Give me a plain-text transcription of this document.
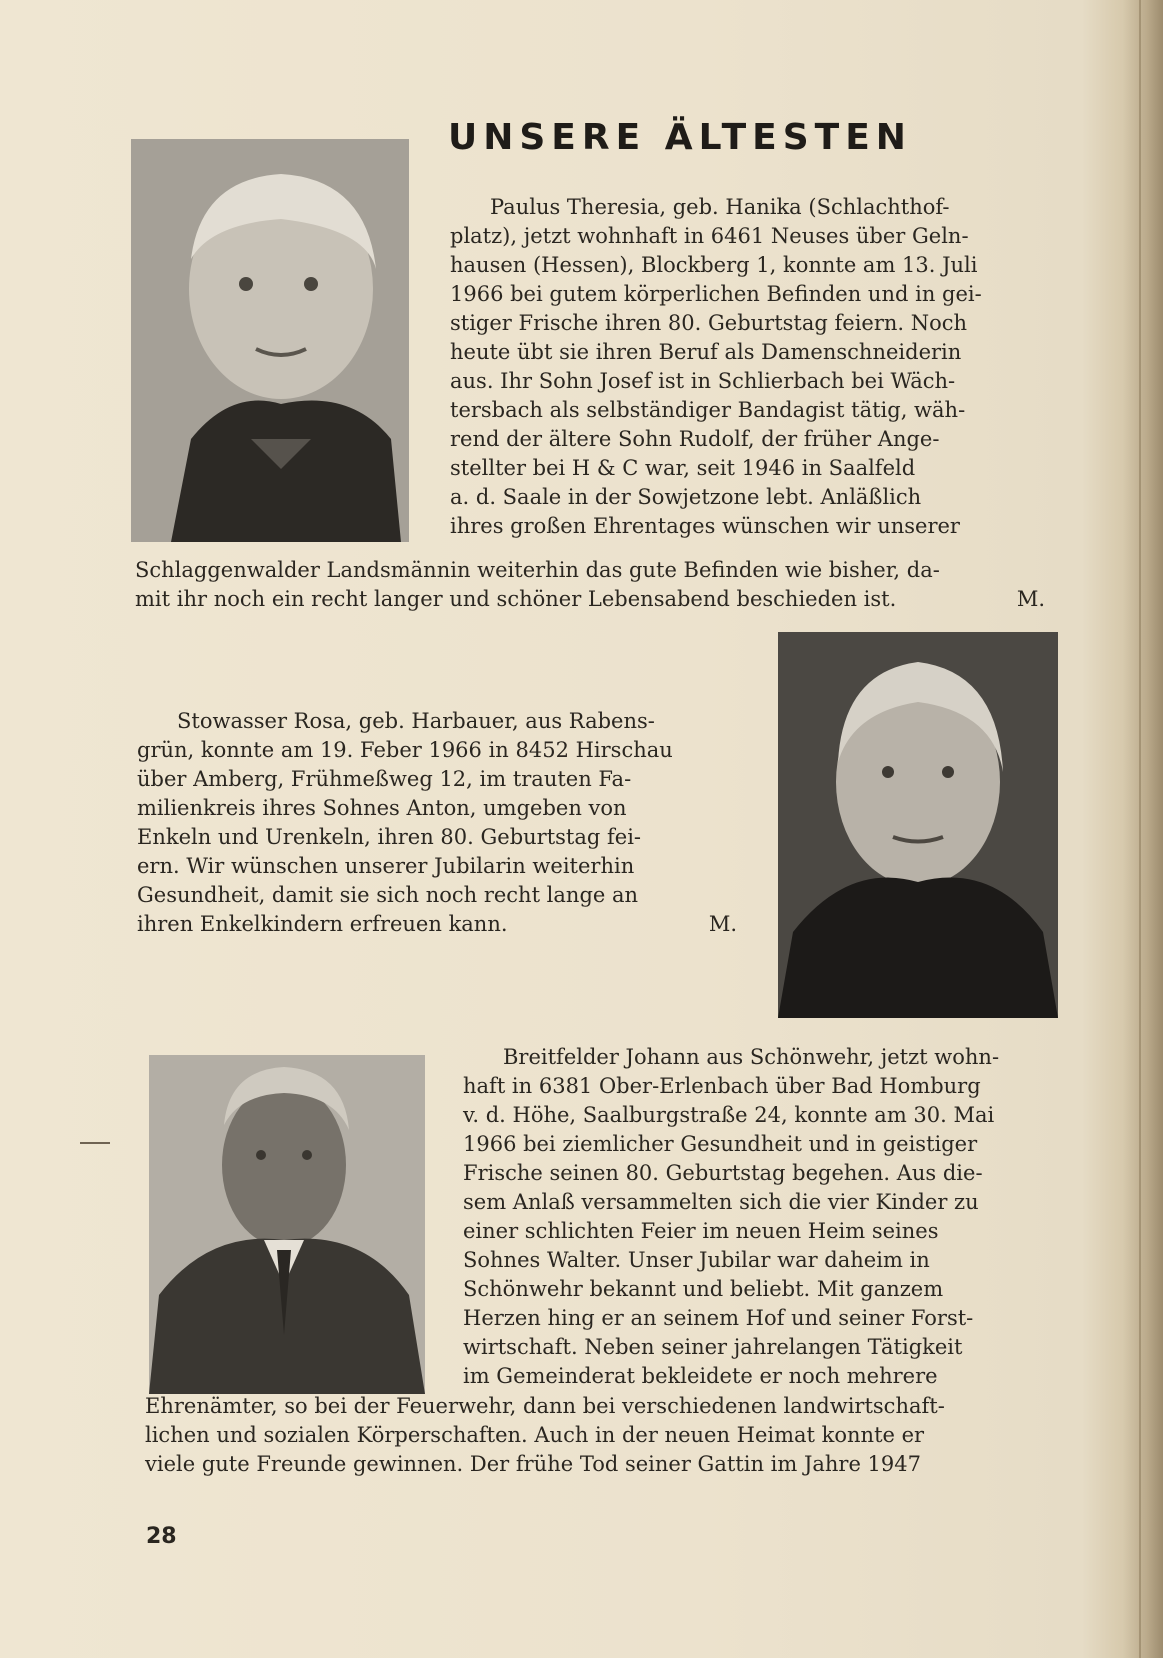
UNSERE ÄLTESTEN

Paulus Theresia, geb. Hanika (Schlachthof-

platz), jetzt wohnhaft in 6461 Neuses über Geln-

hausen (Hessen), Blockberg 1, konnte am 13. Juli

1966 bei gutem körperlichen Befinden und in gei-

stiger Frische ihren 80. Geburtstag feiern. Noch

heute übt sie ihren Beruf als Damenschneiderin

aus. Ihr Sohn Josef ist in Schlierbach bei Wäch-

tersbach als selbständiger Bandagist tätig, wäh-

rend der ältere Sohn Rudolf, der früher Ange-

stellter bei H & C war, seit 1946 in Saalfeld

a. d. Saale in der Sowjetzone lebt. Anläßlich

ihres großen Ehrentages wünschen wir unserer

Schlaggenwalder Landsmännin weiterhin das gute Befinden wie bisher, da-

mit ihr noch ein recht langer und schöner Lebensabend beschieden ist.	M.

Stowasser Rosa, geb. Harbauer, aus Rabens-

grün, konnte am 19. Feber 1966 in 8452 Hirschau

über Amberg, Frühmeßweg 12, im trauten Fa-

milienkreis ihres Sohnes Anton, umgeben von

Enkeln und Urenkeln, ihren 80. Geburtstag fei-

ern. Wir wünschen unserer Jubilarin weiterhin

Gesundheit, damit sie sich noch recht lange an

ihren Enkelkindern erfreuen kann.	M.

Breitfelder Johann aus Schönwehr, jetzt wohn-

haft in 6381 Ober-Erlenbach über Bad Homburg

v. d. Höhe, Saalburgstraße 24, konnte am 30. Mai

1966 bei ziemlicher Gesundheit und in geistiger

Frische seinen 80. Geburtstag begehen. Aus die-

sem Anlaß versammelten sich die vier Kinder zu

einer schlichten Feier im neuen Heim seines

Sohnes Walter. Unser Jubilar war daheim in

Schönwehr bekannt und beliebt. Mit ganzem

Herzen hing er an seinem Hof und seiner Forst-

wirtschaft. Neben seiner jahrelangen Tätigkeit

im Gemeinderat bekleidete er noch mehrere

Ehrenämter, so bei der Feuerwehr, dann bei verschiedenen landwirtschaft-

lichen und sozialen Körperschaften. Auch in der neuen Heimat konnte er

viele gute Freunde gewinnen. Der frühe Tod seiner Gattin im Jahre 1947

28
